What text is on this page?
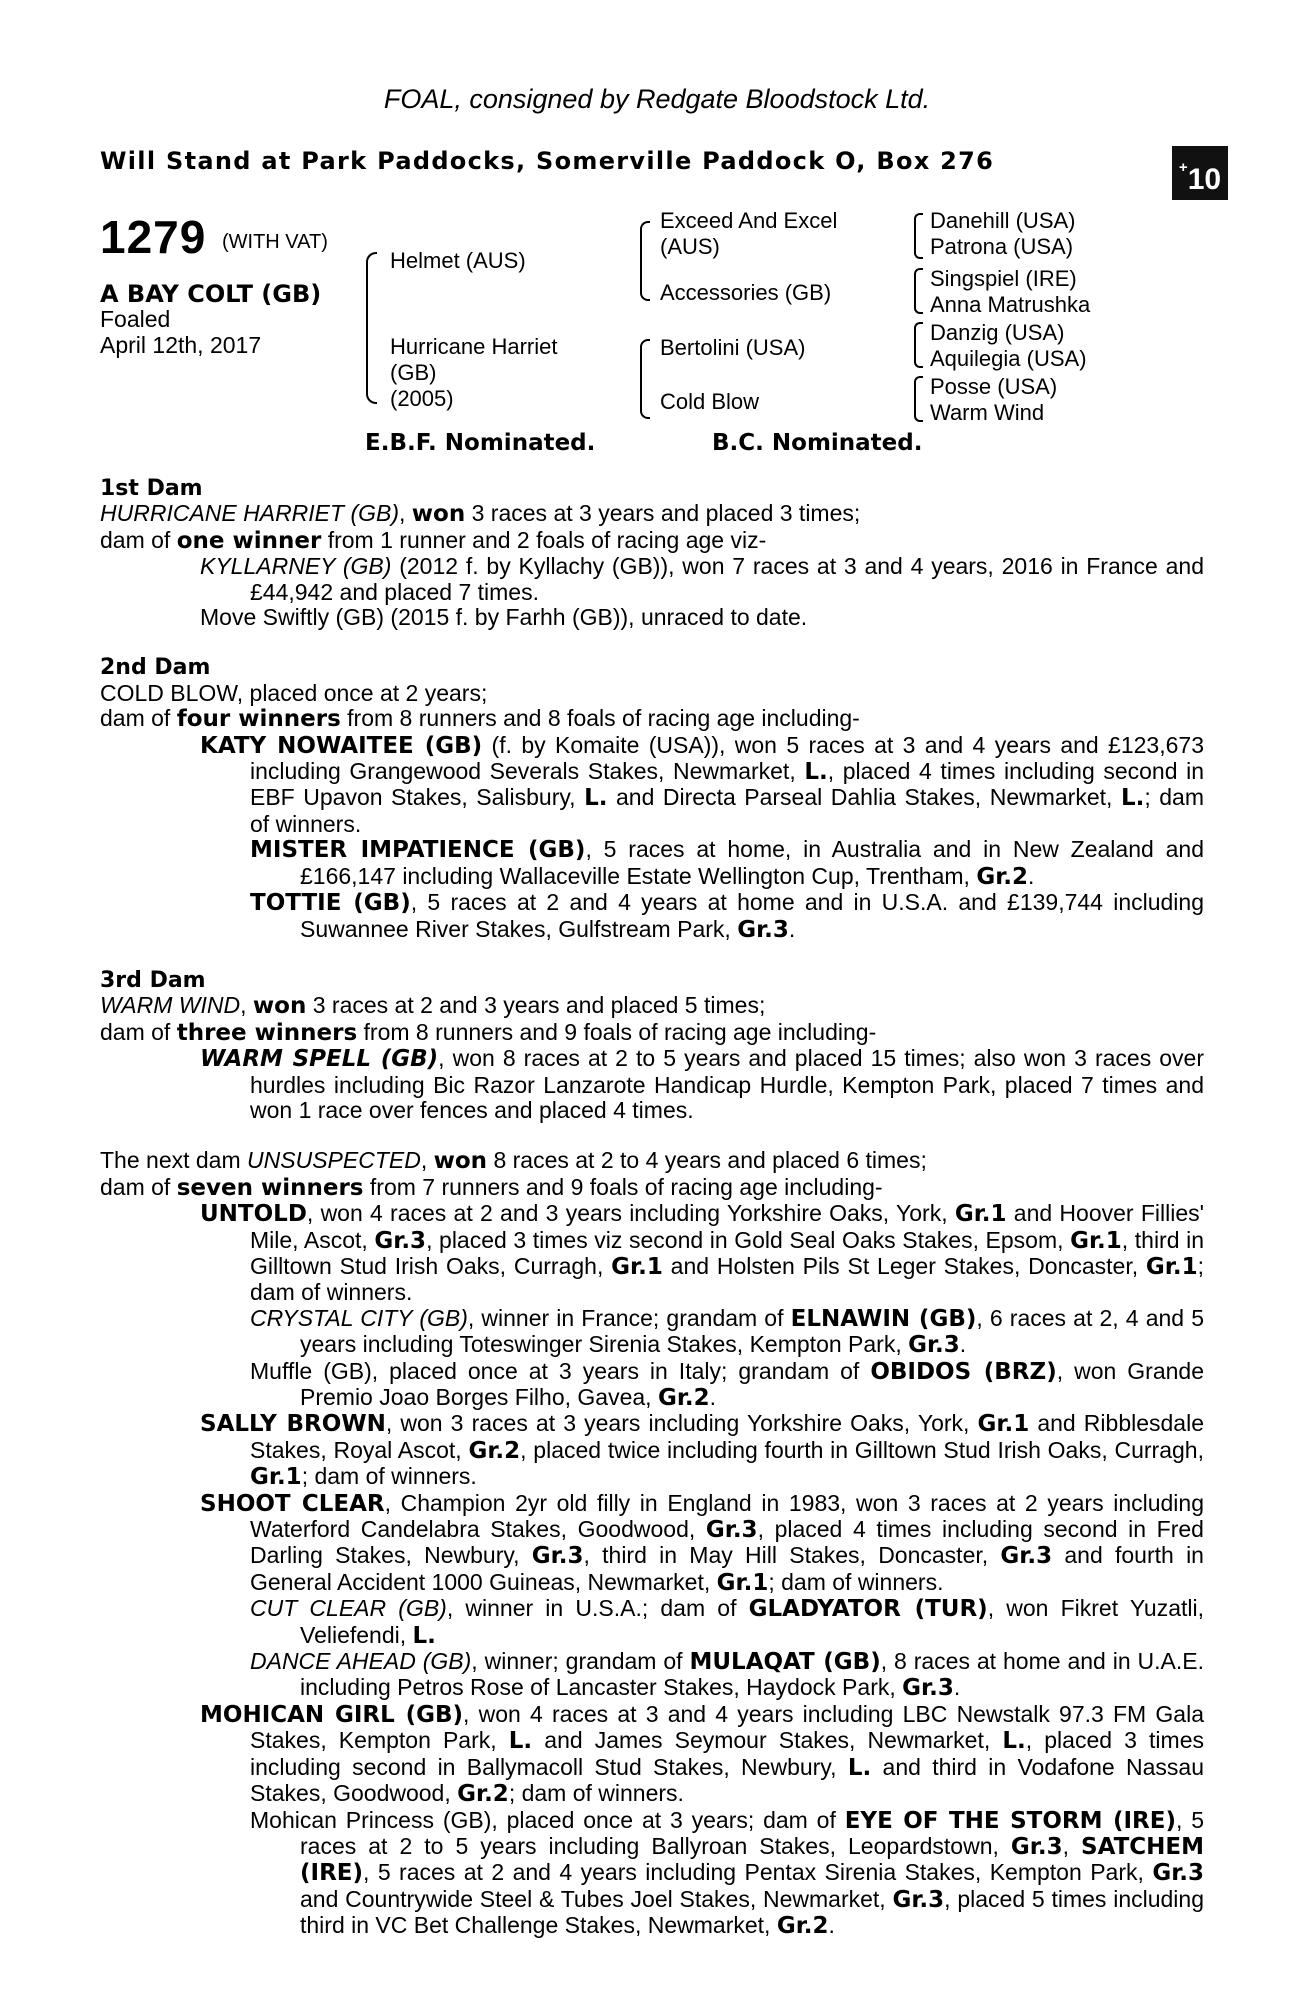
FOAL, consigned by Redgate Bloodstock Ltd.
Will Stand at Park Paddocks, Somerville Paddock O, Box 276	+10
1279 (WITH VAT)
A BAY COLT (GB)
Foaled
April 12th, 2017
Helmet (AUS)
Hurricane Harriet
(GB)
(2005)
Exceed And Excel
(AUS)
Accessories (GB)
Bertolini (USA)
Cold Blow
Danehill (USA)
Patrona (USA)
Singspiel (IRE)
Anna Matrushka
Danzig (USA)
Aquilegia (USA)
Posse (USA)
Warm Wind
E.B.F. Nominated.	B.C. Nominated.

1st Dam

HURRICANE HARRIET (GB), won 3 races at 3 years and placed 3 times;

dam of one winner from 1 runner and 2 foals of racing age viz-

KYLLARNEY (GB) (2012 f. by Kyllachy (GB)), won 7 races at 3 and 4 years, 2016 in France and £44,942 and placed 7 times.

Move Swiftly (GB) (2015 f. by Farhh (GB)), unraced to date.

2nd Dam

COLD BLOW, placed once at 2 years;

dam of four winners from 8 runners and 8 foals of racing age including-

KATY NOWAITEE (GB) (f. by Komaite (USA)), won 5 races at 3 and 4 years and £123,673 including Grangewood Severals Stakes, Newmarket, L., placed 4 times including second in EBF Upavon Stakes, Salisbury, L. and Directa Parseal Dahlia Stakes, Newmarket, L.; dam of winners.

MISTER IMPATIENCE (GB), 5 races at home, in Australia and in New Zealand and £166,147 including Wallaceville Estate Wellington Cup, Trentham, Gr.2.

TOTTIE (GB), 5 races at 2 and 4 years at home and in U.S.A. and £139,744 including Suwannee River Stakes, Gulfstream Park, Gr.3.

3rd Dam

WARM WIND, won 3 races at 2 and 3 years and placed 5 times;

dam of three winners from 8 runners and 9 foals of racing age including-

WARM SPELL (GB), won 8 races at 2 to 5 years and placed 15 times; also won 3 races over hurdles including Bic Razor Lanzarote Handicap Hurdle, Kempton Park, placed 7 times and won 1 race over fences and placed 4 times.

The next dam UNSUSPECTED, won 8 races at 2 to 4 years and placed 6 times;

dam of seven winners from 7 runners and 9 foals of racing age including-

UNTOLD, won 4 races at 2 and 3 years including Yorkshire Oaks, York, Gr.1 and Hoover Fillies' Mile, Ascot, Gr.3, placed 3 times viz second in Gold Seal Oaks Stakes, Epsom, Gr.1, third in Gilltown Stud Irish Oaks, Curragh, Gr.1 and Holsten Pils St Leger Stakes, Doncaster, Gr.1; dam of winners.

CRYSTAL CITY (GB), winner in France; grandam of ELNAWIN (GB), 6 races at 2, 4 and 5 years including Toteswinger Sirenia Stakes, Kempton Park, Gr.3.

Muffle (GB), placed once at 3 years in Italy; grandam of OBIDOS (BRZ), won Grande Premio Joao Borges Filho, Gavea, Gr.2.

SALLY BROWN, won 3 races at 3 years including Yorkshire Oaks, York, Gr.1 and Ribblesdale Stakes, Royal Ascot, Gr.2, placed twice including fourth in Gilltown Stud Irish Oaks, Curragh, Gr.1; dam of winners.

SHOOT CLEAR, Champion 2yr old filly in England in 1983, won 3 races at 2 years including Waterford Candelabra Stakes, Goodwood, Gr.3, placed 4 times including second in Fred Darling Stakes, Newbury, Gr.3, third in May Hill Stakes, Doncaster, Gr.3 and fourth in General Accident 1000 Guineas, Newmarket, Gr.1; dam of winners.

CUT CLEAR (GB), winner in U.S.A.; dam of GLADYATOR (TUR), won Fikret Yuzatli, Veliefendi, L.

DANCE AHEAD (GB), winner; grandam of MULAQAT (GB), 8 races at home and in U.A.E. including Petros Rose of Lancaster Stakes, Haydock Park, Gr.3.

MOHICAN GIRL (GB), won 4 races at 3 and 4 years including LBC Newstalk 97.3 FM Gala Stakes, Kempton Park, L. and James Seymour Stakes, Newmarket, L., placed 3 times including second in Ballymacoll Stud Stakes, Newbury, L. and third in Vodafone Nassau Stakes, Goodwood, Gr.2; dam of winners.

Mohican Princess (GB), placed once at 3 years; dam of EYE OF THE STORM (IRE), 5 races at 2 to 5 years including Ballyroan Stakes, Leopardstown, Gr.3, SATCHEM (IRE), 5 races at 2 and 4 years including Pentax Sirenia Stakes, Kempton Park, Gr.3 and Countrywide Steel & Tubes Joel Stakes, Newmarket, Gr.3, placed 5 times including third in VC Bet Challenge Stakes, Newmarket, Gr.2.
